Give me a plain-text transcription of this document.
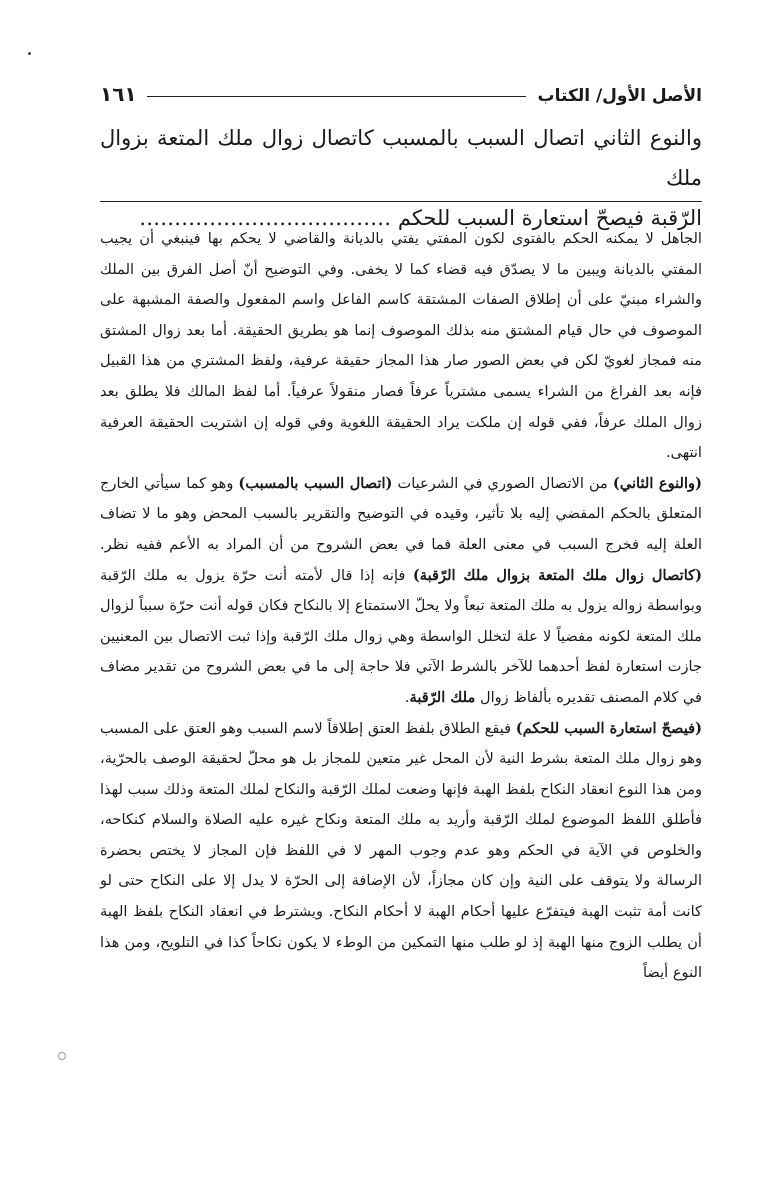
الأصل الأول/ الكتاب
١٦١

والنوع الثاني اتصال السبب بالمسبب كاتصال زوال ملك المتعة بزوال ملك

الرّقبة فيصحّ استعارة السبب للحكم ………………………………

الجاهل لا يمكنه الحكم بالفتوى لكون المفتي يفتي بالديانة والقاضي لا يحكم بها فينبغي أن يجيب المفتي بالديانة ويبين ما لا يصدّق فيه قضاء كما لا يخفى. وفي التوضيح أنّ أصل الفرق بين الملك والشراء مبنيّ على أن إطلاق الصفات المشتقة كاسم الفاعل واسم المفعول والصفة المشبهة على الموصوف في حال قيام المشتق منه بذلك الموصوف إنما هو بطريق الحقيقة. أما بعد زوال المشتق منه فمجاز لغويّ لكن في بعض الصور صار هذا المجاز حقيقة عرفية، ولفظ المشتري من هذا القبيل فإنه بعد الفراغ من الشراء يسمى مشترياً عرفاً فصار منقولاً عرفياً. أما لفظ المالك فلا يطلق بعد زوال الملك عرفاً، ففي قوله إن ملكت يراد الحقيقة اللغوية وفي قوله إن اشتريت الحقيقة العرفية انتهى.

(والنوع الثاني) من الاتصال الصوري في الشرعيات (اتصال السبب بالمسبب) وهو كما سيأتي الخارج المتعلق بالحكم المفضي إليه بلا تأثير، وقيده في التوضيح والتقرير بالسبب المحض وهو ما لا تضاف العلة إليه فخرج السبب في معنى العلة فما في بعض الشروح من أن المراد به الأعم ففيه نظر. (كاتصال زوال ملك المتعة بزوال ملك الرّقبة) فإنه إذا قال لأمته أنت حرّة يزول به ملك الرّقبة وبواسطة زواله يزول به ملك المتعة تبعاً ولا يحلّ الاستمتاع إلا بالنكاح فكان قوله أنت حرّة سبباً لزوال ملك المتعة لكونه مفضياً لا علة لتخلل الواسطة وهي زوال ملك الرّقبة وإذا ثبت الاتصال بين المعنيين جازت استعارة لفظ أحدهما للآخر بالشرط الآتي فلا حاجة إلى ما في بعض الشروح من تقدير مضاف في كلام المصنف تقديره بألفاظ زوال ملك الرّقبة.

(فيصحّ استعارة السبب للحكم) فيقع الطلاق بلفظ العتق إطلاقاً لاسم السبب وهو العتق على المسبب وهو زوال ملك المتعة بشرط النية لأن المحل غير متعين للمجاز بل هو محلّ لحقيقة الوصف بالحرّية، ومن هذا النوع انعقاد النكاح بلفظ الهبة فإنها وضعت لملك الرّقبة والنكاح لملك المتعة وذلك سبب لهذا فأطلق اللفظ الموضوع لملك الرّقبة وأريد به ملك المتعة ونكاح غيره عليه الصلاة والسلام كنكاحه، والخلوص في الآية في الحكم وهو عدم وجوب المهر لا في اللفظ فإن المجاز لا يختص بحضرة الرسالة ولا يتوقف على النية وإن كان مجازاً، لأن الإضافة إلى الحرّة لا يدل إلا على النكاح حتى لو كانت أمة تثبت الهبة فيتفرّع عليها أحكام الهبة لا أحكام النكاح. ويشترط في انعقاد النكاح بلفظ الهبة أن يطلب الزوج منها الهبة إذ لو طلب منها التمكين من الوطء لا يكون نكاحاً كذا في التلويح، ومن هذا النوع أيضاً
